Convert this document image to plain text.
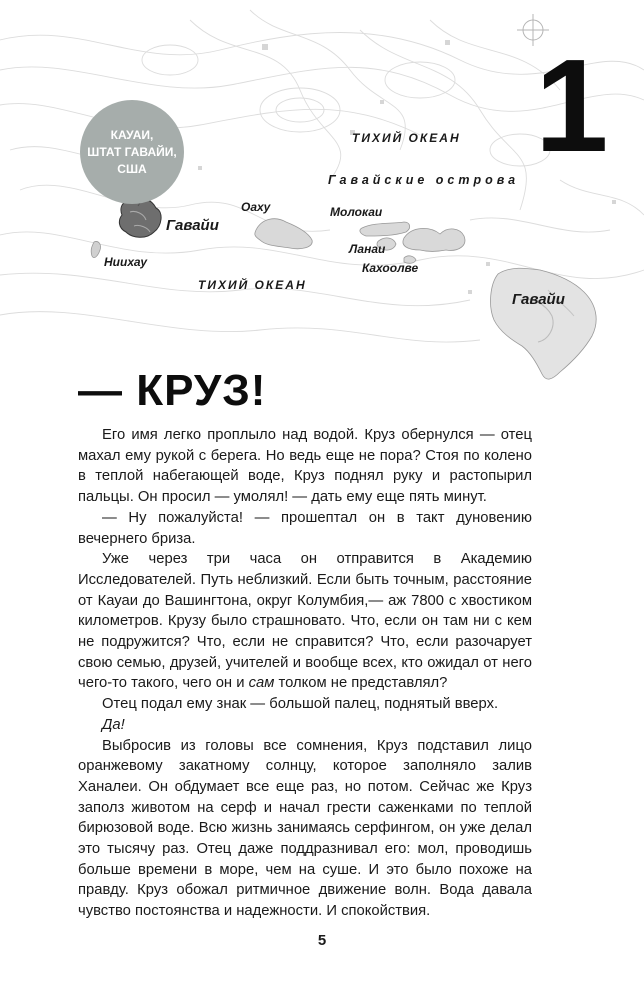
КАУАИ,
ШТАТ ГАВАЙИ,
США
ТИХИЙ ОКЕАН
Гавайские острова
Гавайи
Ниихау
Оаху	Молокаи
Ланаи
Кахоолве
ТИХИЙ ОКЕАН
Гавайи
1
— КРУЗ!

Его имя легко проплыло над водой. Круз обернулся — отец махал ему рукой с берега. Но ведь еще не пора? Стоя по колено в теплой набегающей воде, Круз поднял руку и растопырил пальцы. Он просил — умолял! — дать ему еще пять минут.

— Ну пожалуйста! — прошептал он в такт дуновению вечернего бриза.

Уже через три часа он отправится в Академию Исследователей. Путь неблизкий. Если быть точным, расстояние от Кауаи до Вашингтона, округ Колумбия,— аж 7800 с хвостиком километров. Крузу было страшновато. Что, если он там ни с кем не подружится? Что, если не справится? Что, если разочарует свою семью, друзей, учителей и вообще всех, кто ожидал от него чего-то такого, чего он и сам толком не представлял?

Отец подал ему знак — большой палец, поднятый вверх.

Да!

Выбросив из головы все сомнения, Круз подставил лицо оранжевому закатному солнцу, которое заполняло залив Ханалеи. Он обдумает все еще раз, но потом. Сейчас же Круз заполз животом на серф и начал грести саженками по теплой бирюзовой воде. Всю жизнь занимаясь серфингом, он уже делал это тысячу раз. Отец даже поддразнивал его: мол, проводишь больше времени в море, чем на суше. И это было похоже на правду. Круз обожал ритмичное движение волн. Вода давала чувство постоянства и надежности. И спокойствия.

5
